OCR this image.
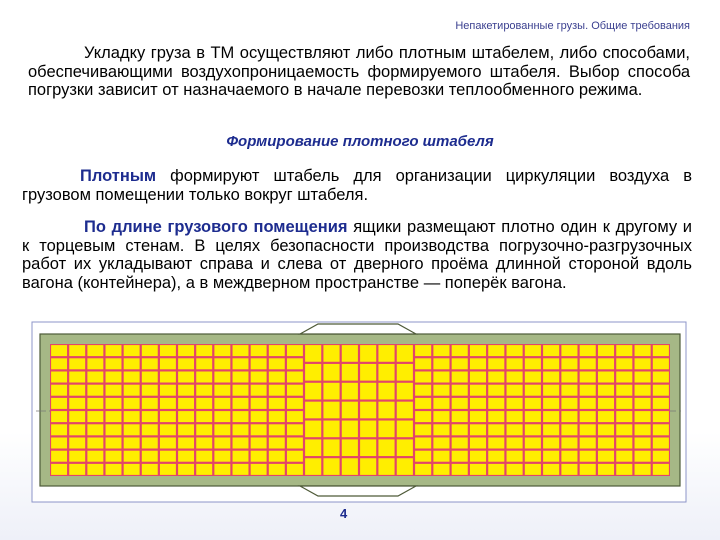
Непакетированные грузы. Общие требования
Укладку груза в ТМ осуществляют либо плотным штабелем, либо способами, обеспечивающими воздухопроницаемость формируемого штабеля. Выбор способа погрузки зависит от назначаемого в начале перевозки теплообменного режима.
Формирование плотного штабеля
Плотным формируют штабель для организации циркуляции воздуха в грузовом помещении только вокруг штабеля.
По длине грузового помещения ящики размещают плотно один к другому и к торцевым стенам. В целях безопасности производства погрузочно-разгрузочных работ их укладывают справа и слева от дверного проёма длинной стороной вдоль вагона (контейнера), а в междверном пространстве — поперёк вагона.
4
